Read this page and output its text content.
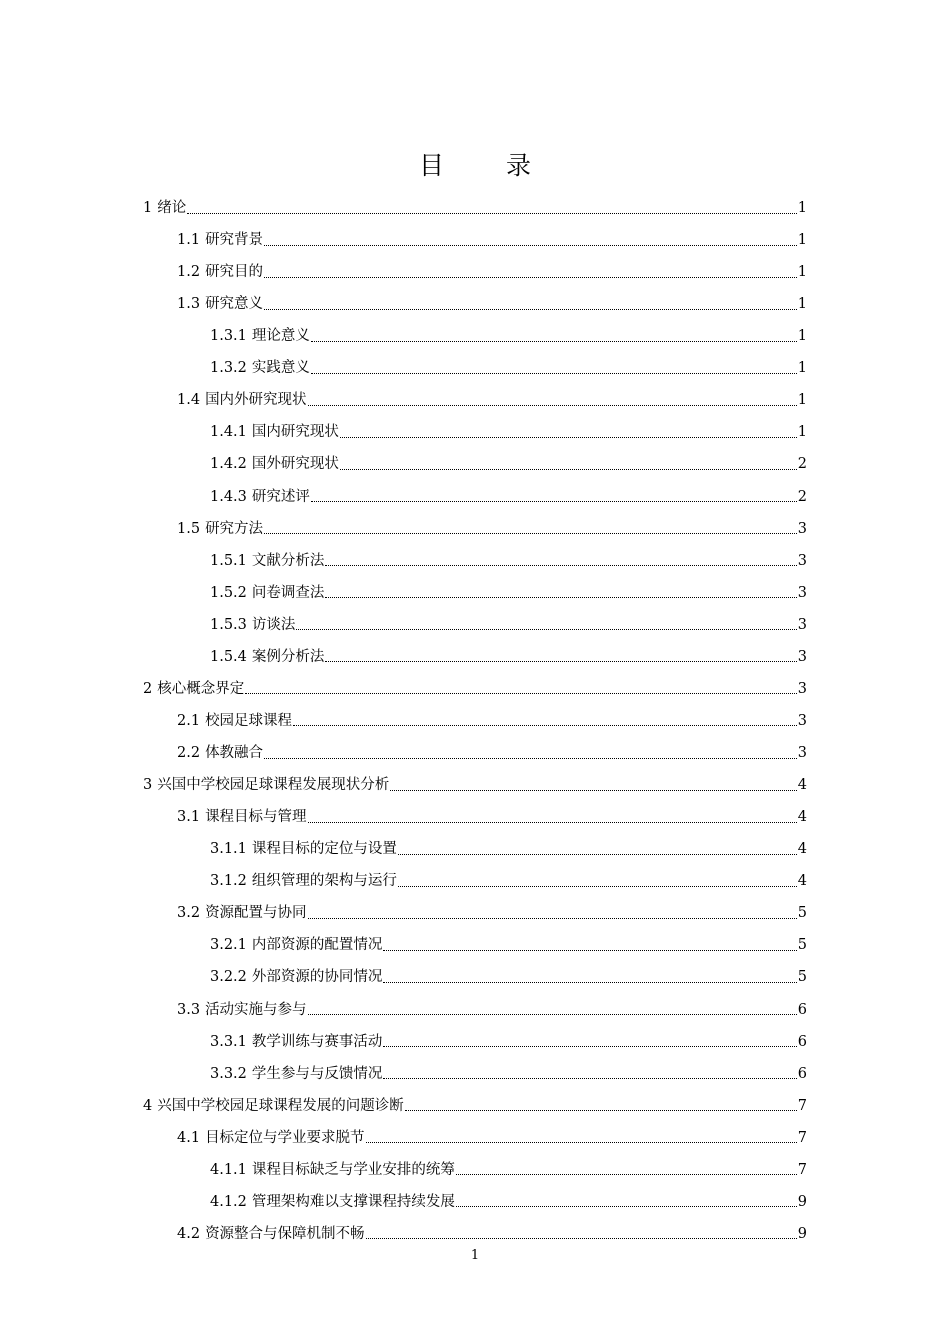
目 录
1 绪论	1
1.1 研究背景	1
1.2 研究目的	1
1.3 研究意义	1
1.3.1 理论意义	1
1.3.2 实践意义	1
1.4 国内外研究现状	1
1.4.1 国内研究现状	1
1.4.2 国外研究现状	2
1.4.3 研究述评	2
1.5 研究方法	3
1.5.1 文献分析法	3
1.5.2 问卷调查法	3
1.5.3 访谈法	3
1.5.4 案例分析法	3
2 核心概念界定	3
2.1 校园足球课程	3
2.2 体教融合	3
3 兴国中学校园足球课程发展现状分析	4
3.1 课程目标与管理	4
3.1.1 课程目标的定位与设置	4
3.1.2 组织管理的架构与运行	4
3.2 资源配置与协同	5
3.2.1 内部资源的配置情况	5
3.2.2 外部资源的协同情况	5
3.3 活动实施与参与	6
3.3.1 教学训练与赛事活动	6
3.3.2 学生参与与反馈情况	6
4 兴国中学校园足球课程发展的问题诊断	7
4.1 目标定位与学业要求脱节	7
4.1.1 课程目标缺乏与学业安排的统筹	7
4.1.2 管理架构难以支撑课程持续发展	9
4.2 资源整合与保障机制不畅	9
1
